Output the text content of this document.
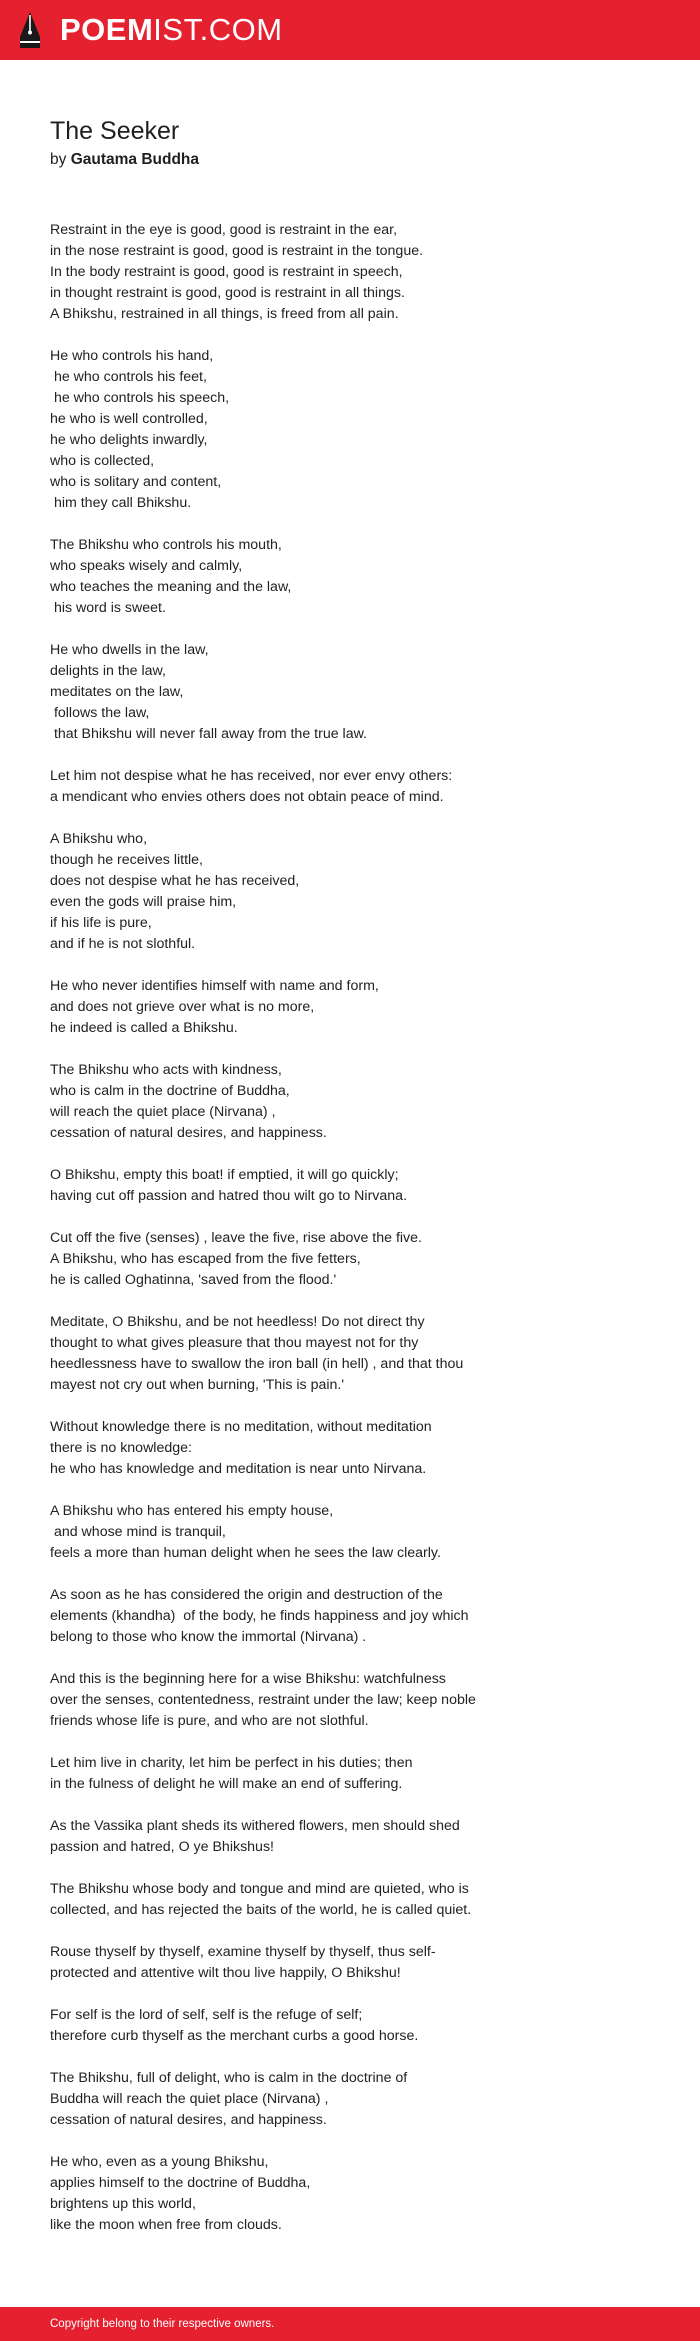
POEMIST.COM
The Seeker

by Gautama Buddha

Restraint in the eye is good, good is restraint in the ear,
in the nose restraint is good, good is restraint in the tongue.
In the body restraint is good, good is restraint in speech,
in thought restraint is good, good is restraint in all things.
A Bhikshu, restrained in all things, is freed from all pain.

He who controls his hand,
he who controls his feet,
he who controls his speech,
he who is well controlled,
he who delights inwardly,
who is collected,
who is solitary and content,
him they call Bhikshu.

The Bhikshu who controls his mouth,
who speaks wisely and calmly,
who teaches the meaning and the law,
his word is sweet.

He who dwells in the law,
delights in the law,
meditates on the law,
follows the law,
that Bhikshu will never fall away from the true law.

Let him not despise what he has received, nor ever envy others:
a mendicant who envies others does not obtain peace of mind.

A Bhikshu who,
though he receives little,
does not despise what he has received,
even the gods will praise him,
if his life is pure,
and if he is not slothful.

He who never identifies himself with name and form,
and does not grieve over what is no more,
he indeed is called a Bhikshu.

The Bhikshu who acts with kindness,
who is calm in the doctrine of Buddha,
will reach the quiet place (Nirvana) ,
cessation of natural desires, and happiness.

O Bhikshu, empty this boat! if emptied, it will go quickly;
having cut off passion and hatred thou wilt go to Nirvana.

Cut off the five (senses) , leave the five, rise above the five.
A Bhikshu, who has escaped from the five fetters,
he is called Oghatinna, 'saved from the flood.'

Meditate, O Bhikshu, and be not heedless! Do not direct thy
thought to what gives pleasure that thou mayest not for thy
heedlessness have to swallow the iron ball (in hell) , and that thou
mayest not cry out when burning, 'This is pain.'

Without knowledge there is no meditation, without meditation
there is no knowledge:
he who has knowledge and meditation is near unto Nirvana.

A Bhikshu who has entered his empty house,
and whose mind is tranquil,
feels a more than human delight when he sees the law clearly.

As soon as he has considered the origin and destruction of the
elements (khandha)  of the body, he finds happiness and joy which
belong to those who know the immortal (Nirvana) .

And this is the beginning here for a wise Bhikshu: watchfulness
over the senses, contentedness, restraint under the law; keep noble
friends whose life is pure, and who are not slothful.

Let him live in charity, let him be perfect in his duties; then
in the fulness of delight he will make an end of suffering.

As the Vassika plant sheds its withered flowers, men should shed
passion and hatred, O ye Bhikshus!

The Bhikshu whose body and tongue and mind are quieted, who is
collected, and has rejected the baits of the world, he is called quiet.

Rouse thyself by thyself, examine thyself by thyself, thus self-
protected and attentive wilt thou live happily, O Bhikshu!

For self is the lord of self, self is the refuge of self;
therefore curb thyself as the merchant curbs a good horse.

The Bhikshu, full of delight, who is calm in the doctrine of
Buddha will reach the quiet place (Nirvana) ,
cessation of natural desires, and happiness.

He who, even as a young Bhikshu,
applies himself to the doctrine of Buddha,
brightens up this world,
like the moon when free from clouds.

Copyright belong to their respective owners.
